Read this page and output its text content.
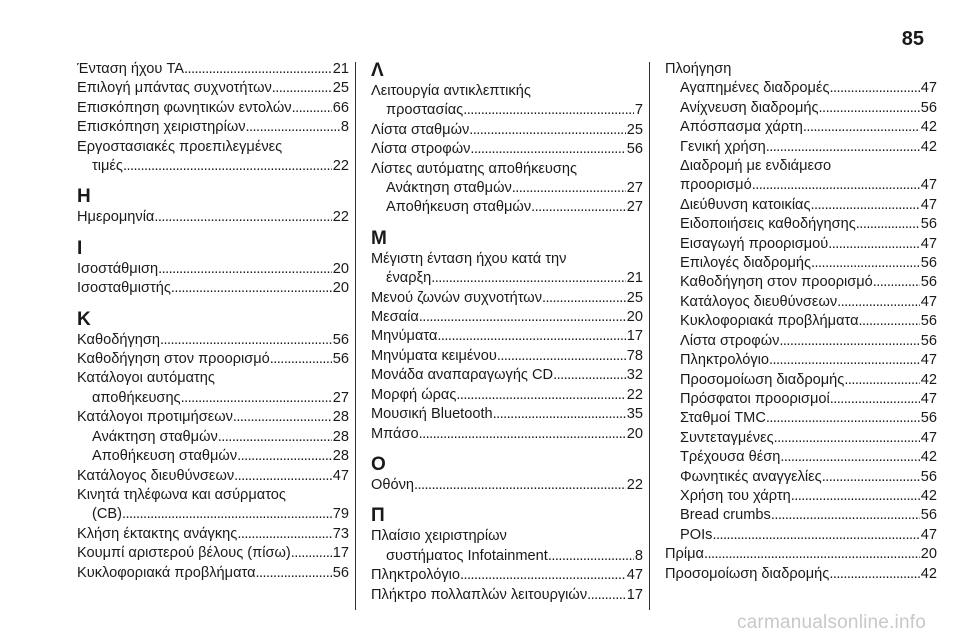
85
Ένταση ήχου TA . . .	21
Επιλογή μπάντας συχνοτήτων . . .	25
Επισκόπηση φωνητικών εντολών . . .	66
Επισκόπηση χειριστηρίων . . .	8
Εργοστασιακές προεπιλεγμένες
τιμές . . .	22
Η
Ημερομηνία . . .	22
Ι
Ισοστάθμιση . . .	20
Ισοσταθμιστής . . .	20
Κ
Καθοδήγηση . . .	56
Καθοδήγηση στον προορισμό . . .	56
Κατάλογοι αυτόματης
αποθήκευσης . . .	27
Κατάλογοι προτιμήσεων . . .	28
Ανάκτηση σταθμών . . .	28
Αποθήκευση σταθμών . . .	28
Κατάλογος διευθύνσεων . . .	47
Κινητά τηλέφωνα και ασύρματος
(CB) . . .	79
Κλήση έκτακτης ανάγκης . . .	73
Κουμπί αριστερού βέλους (πίσω) . . .	17
Κυκλοφοριακά προβλήματα . . .	56
Λ
Λειτουργία αντικλεπτικής
προστασίας . . .	7
Λίστα σταθμών . . .	25
Λίστα στροφών . . .	56
Λίστες αυτόματης αποθήκευσης
Ανάκτηση σταθμών . . .	27
Αποθήκευση σταθμών . . .	27
Μ
Μέγιστη ένταση ήχου κατά την
έναρξη . . .	21
Μενού ζωνών συχνοτήτων . . .	25
Μεσαία . . .	20
Μηνύματα . . .	17
Μηνύματα κειμένου . . .	78
Μονάδα αναπαραγωγής CD . . .	32
Μορφή ώρας . . .	22
Μουσική Bluetooth . . .	35
Μπάσο . . .	20
Ο
Οθόνη . . .	22
Π
Πλαίσιο χειριστηρίων
συστήματος Infotainment . . .	8
Πληκτρολόγιο . . .	47
Πλήκτρο πολλαπλών λειτουργιών . . .	17
Πλοήγηση
Αγαπημένες διαδρομές . . .	47
Ανίχνευση διαδρομής . . .	56
Απόσπασμα χάρτη . . .	42
Γενική χρήση . . .	42
Διαδρομή με ενδιάμεσο
προορισμό . . .	47
Διεύθυνση κατοικίας . . .	47
Ειδοποιήσεις καθοδήγησης . . .	56
Εισαγωγή προορισμού . . .	47
Επιλογές διαδρομής . . .	56
Καθοδήγηση στον προορισμό . . .	56
Κατάλογος διευθύνσεων . . .	47
Κυκλοφοριακά προβλήματα . . .	56
Λίστα στροφών . . .	56
Πληκτρολόγιο . . .	47
Προσομοίωση διαδρομής . . .	42
Πρόσφατοι προορισμοί . . .	47
Σταθμοί TMC . . .	56
Συντεταγμένες . . .	47
Τρέχουσα θέση . . .	42
Φωνητικές αναγγελίες . . .	56
Χρήση του χάρτη . . .	42
Bread crumbs . . .	56
POIs . . .	47
Πρίμα . . .	20
Προσομοίωση διαδρομής . . .	42
carmanualsonline.info
